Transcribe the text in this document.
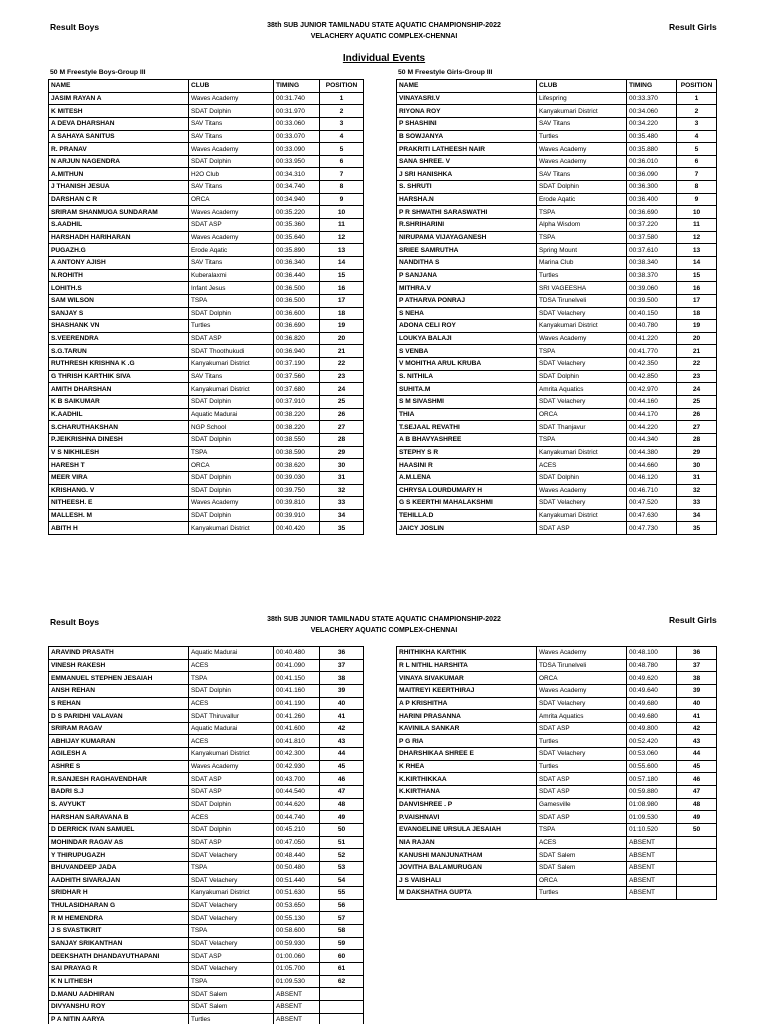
Result Boys	Result Girls
38th SUB JUNIOR TAMILNADU STATE AQUATIC CHAMPIONSHIP-2022
VELACHERY AQUATIC COMPLEX-CHENNAI
Individual Events
50 M Freestyle Boys-Group III	50 M Freestyle Girls-Group III
NAME	CLUB	TIMING	POSITION
JASIM RAYAN A	Waves Academy	00:31.740	1
K MITESH	SDAT Dolphin	00:31.970	2
A DEVA DHARSHAN	SAV Titans	00:33.060	3
A SAHAYA SANITUS	SAV Titans	00:33.070	4
R. PRANAV	Waves Academy	00:33.090	5
N ARJUN NAGENDRA	SDAT Dolphin	00:33.950	6
A.MITHUN	H2O Club	00:34.310	7
J THANISH JESUA	SAV Titans	00:34.740	8
DARSHAN C R	ORCA	00:34.940	9
SRIRAM SHANMUGA SUNDARAM	Waves Academy	00:35.220	10
S.AADHIL	SDAT ASP	00:35.360	11
HARSHADH HARIHARAN	Waves Academy	00:35.640	12
PUGAZH.G	Erode Aqatic	00:35.890	13
A ANTONY AJISH	SAV Titans	00:36.340	14
N.ROHITH	Kuberalaxmi	00:36.440	15
LOHITH.S	Infant Jesus	00:36.500	16
SAM WILSON	TSPA	00:36.500	17
SANJAY S	SDAT Dolphin	00:36.600	18
SHASHANK VN	Turtles	00:36.690	19
S.VEERENDRA	SDAT ASP	00:36.820	20
S.G.TARUN	SDAT Thoothukudi	00:36.940	21
RUTHRESH KRISHNA K .G	Kanyakumari District	00:37.190	22
G THRISH KARTHIK SIVA	SAV Titans	00:37.560	23
AMITH DHARSHAN	Kanyakumari District	00:37.680	24
K B SAIKUMAR	SDAT Dolphin	00:37.910	25
K.AADHIL	Aquatic Madurai	00:38.220	26
S.CHARUTHAKSHAN	NGP School	00:38.220	27
P.JEIKRISHNA DINESH	SDAT Dolphin	00:38.550	28
V S NIKHILESH	TSPA	00:38.590	29
HARESH T	ORCA	00:38.620	30
MEER VIRA	SDAT Dolphin	00:39.030	31
KRISHANG. V	SDAT Dolphin	00:39.750	32
NITHEESH. E	Waves Academy	00:39.810	33
MALLESH. M	SDAT Dolphin	00:39.910	34
ABITH H	Kanyakumari District	00:40.420	35
NAME	CLUB	TIMING	POSITION
VINAYASRI.V	Lifespring	00:33.370	1
RIYONA ROY	Kanyakumari District	00:34.060	2
P SHASHINI	SAV Titans	00:34.220	3
B SOWJANYA	Turtles	00:35.480	4
PRAKRITI LATHEESH NAIR	Waves Academy	00:35.880	5
SANA SHREE. V	Waves Academy	00:36.010	6
J SRI HANISHKA	SAV Titans	00:36.090	7
S. SHRUTI	SDAT Dolphin	00:36.300	8
HARSHA.N	Erode Aqatic	00:36.400	9
P R SHWATHI SARASWATHI	TSPA	00:36.690	10
R.SHRIHARINI	Alpha Wisdom	00:37.220	11
NIRUPAMA VIJAYAGANESH	TSPA	00:37.580	12
SRIEE SAMRUTHA	Spring Mount	00:37.610	13
NANDITHA S	Marina Club	00:38.340	14
P SANJANA	Turtles	00:38.370	15
MITHRA.V	SRI VAGEESHA	00:39.060	16
P ATHARVA PONRAJ	TDSA Tirunelveli	00:39.500	17
S NEHA	SDAT Velachery	00:40.150	18
ADONA CELI ROY	Kanyakumari District	00:40.780	19
LOUKYA BALAJI	Waves Academy	00:41.220	20
S VENBA	TSPA	00:41.770	21
V MOHITHA ARUL KRUBA	SDAT Velachery	00:42.350	22
S. NITHILA	SDAT Dolphin	00:42.850	23
SUHITA.M	Amrita Aquatics	00:42.970	24
S M SIVASHMI	SDAT Velachery	00:44.160	25
THIA	ORCA	00:44.170	26
T.SEJAAL REVATHI	SDAT Thanjavur	00:44.220	27
A B BHAVYASHREE	TSPA	00:44.340	28
STEPHY S R	Kanyakumari District	00:44.380	29
HAASINI R	ACES	00:44.660	30
A.M.LENA	SDAT Dolphin	00:46.120	31
CHRYSA LOURDUMARY H	Waves Academy	00:46.710	32
G S KEERTHI MAHALAKSHMI	SDAT Velachery	00:47.520	33
TEHILLA.D	Kanyakumari District	00:47.630	34
JAICY JOSLIN	SDAT ASP	00:47.730	35
Result Boys	Result Girls
38th SUB JUNIOR TAMILNADU STATE AQUATIC CHAMPIONSHIP-2022
VELACHERY AQUATIC COMPLEX-CHENNAI
ARAVIND PRASATH	Aquatic Madurai	00:40.480	36
VINESH RAKESH	ACES	00:41.090	37
EMMANUEL STEPHEN JESAIAH	TSPA	00:41.150	38
ANSH REHAN	SDAT Dolphin	00:41.160	39
S REHAN	ACES	00:41.190	40
D S PARIDHI VALAVAN	SDAT Thiruvallur	00:41.260	41
SRIRAM RAGAV	Aquatic Madurai	00:41.600	42
ABHIJAY KUMARAN	ACES	00:41.810	43
AGILESH A	Kanyakumari District	00:42.300	44
ASHRE S	Waves Academy	00:42.930	45
R.SANJESH RAGHAVENDHAR	SDAT ASP	00:43.700	46
BADRI S.J	SDAT ASP	00:44.540	47
S. AVYUKT	SDAT Dolphin	00:44.620	48
HARSHAN SARAVANA B	ACES	00:44.740	49
D DERRICK IVAN SAMUEL	SDAT Dolphin	00:45.210	50
MOHINDAR RAGAV AS	SDAT ASP	00:47.050	51
Y THIRUPUGAZH	SDAT Velachery	00:48.440	52
BHUVANDEEP JADA	TSPA	00:50.480	53
AADHITH SIVARAJAN	SDAT Velachery	00:51.440	54
SRIDHAR H	Kanyakumari District	00:51.630	55
THULASIDHARAN G	SDAT Velachery	00:53.650	56
R M HEMENDRA	SDAT Velachery	00:55.130	57
J S SVASTIKRIT	TSPA	00:58.600	58
SANJAY SRIKANTHAN	SDAT Velachery	00:59.930	59
DEEKSHATH DHANDAYUTHAPANI	SDAT ASP	01:00.060	60
SAI PRAYAG R	SDAT Velachery	01:05.700	61
K N LITHESH	TSPA	01:09.530	62
D.MANU AADHIRAN	SDAT Salem	ABSENT	
DIVYANSHU ROY	SDAT Salem	ABSENT	
P A NITIN AARYA	Turtles	ABSENT	
RHITHIKHA KARTHIK	Waves Academy	00:48.100	36
R L NITHIL HARSHITA	TDSA Tirunelveli	00:48.780	37
VINAYA SIVAKUMAR	ORCA	00:49.620	38
MAITREYI KEERTHIRAJ	Waves Academy	00:49.640	39
A P KRISHITHA	SDAT Velachery	00:49.680	40
HARINI PRASANNA	Amrita Aquatics	00:49.680	41
KAVINILA SANKAR	SDAT ASP	00:49.800	42
P G RIA	Turtles	00:52.420	43
DHARSHIKAA SHREE E	SDAT Velachery	00:53.060	44
K RHEA	Turtles	00:55.600	45
K.KIRTHIKKAA	SDAT ASP	00:57.180	46
K.KIRTHANA	SDAT ASP	00:59.880	47
DANVISHREE . P	Gamesville	01:08.980	48
P.VAISHNAVI	SDAT ASP	01:09.530	49
EVANGELINE URSULA JESAIAH	TSPA	01:10.520	50
NIA RAJAN	ACES	ABSENT	
KANUSHI MANJUNATHAM	SDAT Salem	ABSENT	
JOVITHA BALAMURUGAN	SDAT Salem	ABSENT	
J S VAISHALI	ORCA	ABSENT	
M DAKSHATHA GUPTA	Turtles	ABSENT	
